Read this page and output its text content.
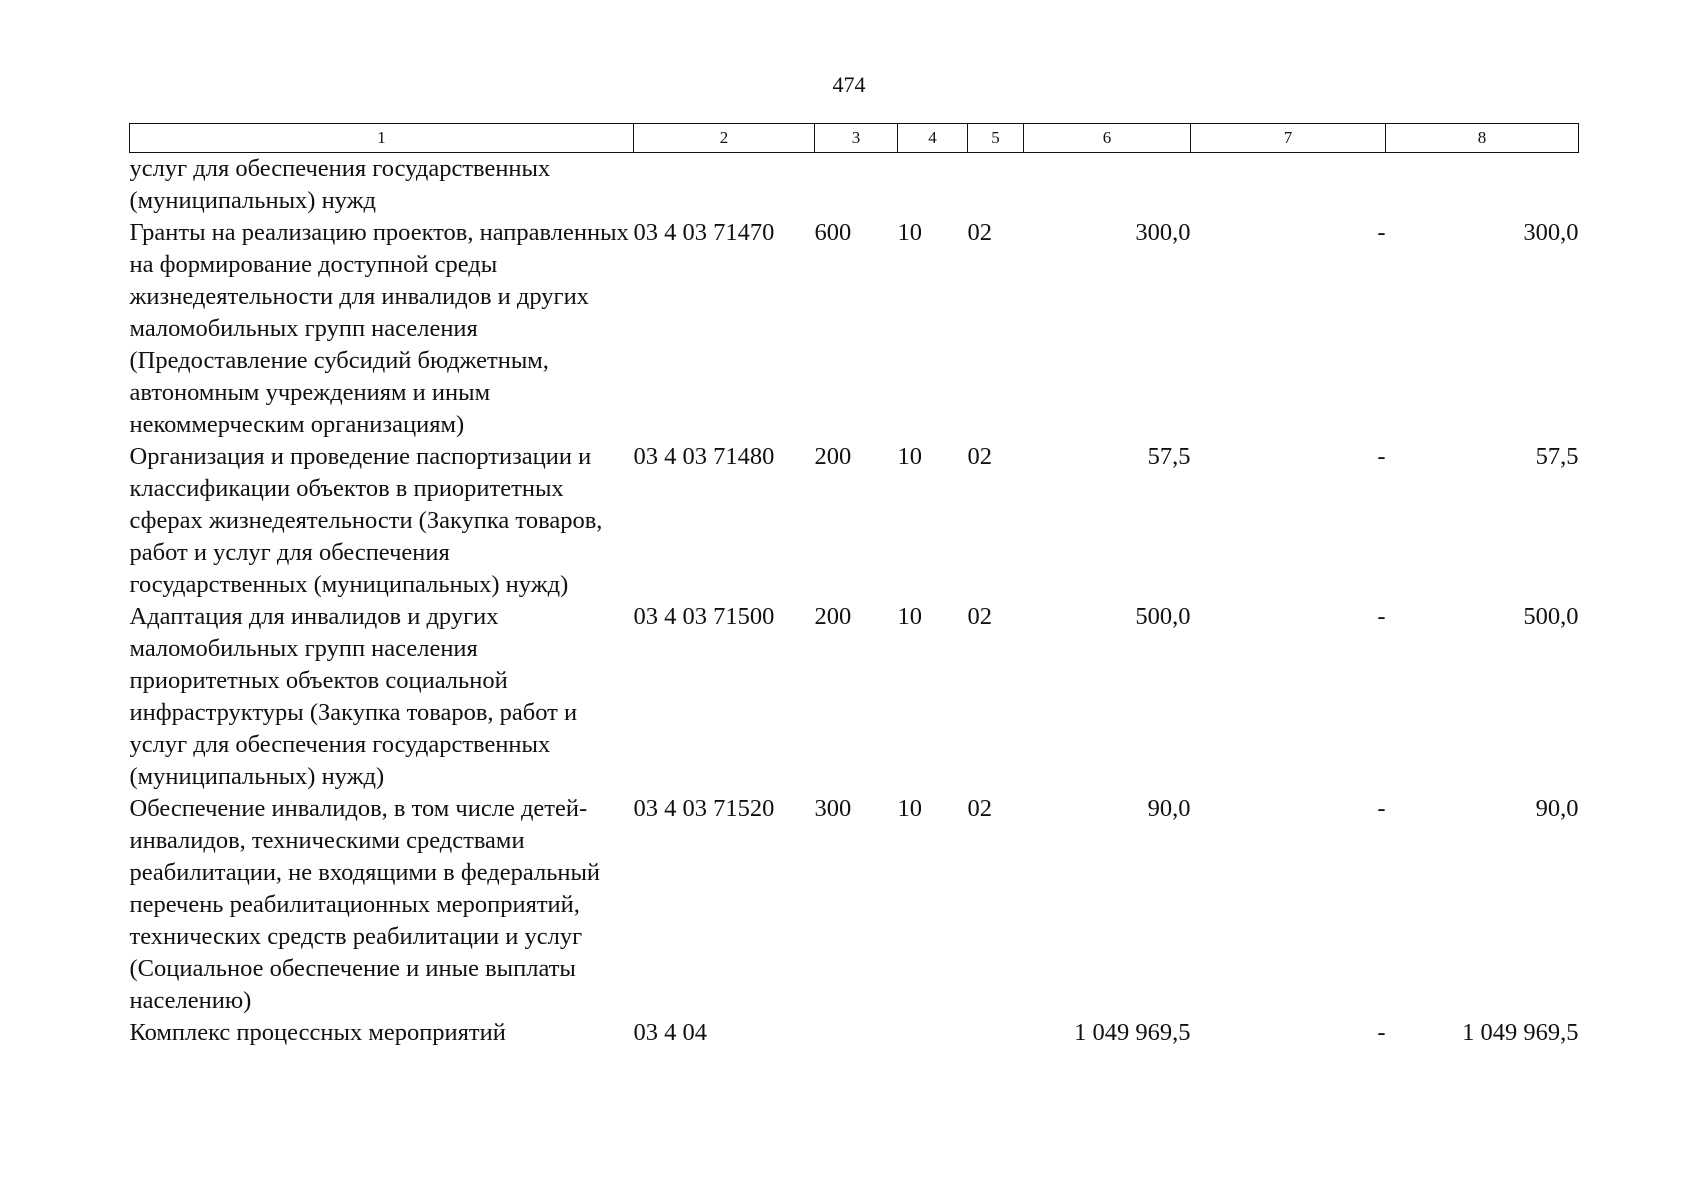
474
1	2	3	4	5	6	7	8
услуг для обеспечения государственных (муниципальных) нужд							
Гранты на реализацию проектов, направленных на формирование доступной среды жизнедеятельности для инвалидов и других маломобильных групп населения (Предоставление субсидий бюджетным, автономным учреждениям и иным некоммерческим организациям)	03 4 03 71470	600	10	02	300,0	-	300,0
Организация и проведение паспортизации и классификации объектов в приоритетных сферах жизнедеятельности (Закупка товаров, работ и услуг для обеспечения государственных (муниципальных) нужд)	03 4 03 71480	200	10	02	57,5	-	57,5
Адаптация для инвалидов и других маломобильных групп населения приоритетных объектов социальной инфраструктуры (Закупка товаров, работ и услуг для обеспечения государственных (муниципальных) нужд)	03 4 03 71500	200	10	02	500,0	-	500,0
Обеспечение инвалидов, в том числе детей-инвалидов, техническими средствами реабилитации, не входящими в федеральный перечень реабилитационных мероприятий, технических средств реабилитации и услуг (Социальное обеспечение и иные выплаты населению)	03 4 03 71520	300	10	02	90,0	-	90,0
Комплекс процессных мероприятий	03 4 04				1 049 969,5	-	1 049 969,5
